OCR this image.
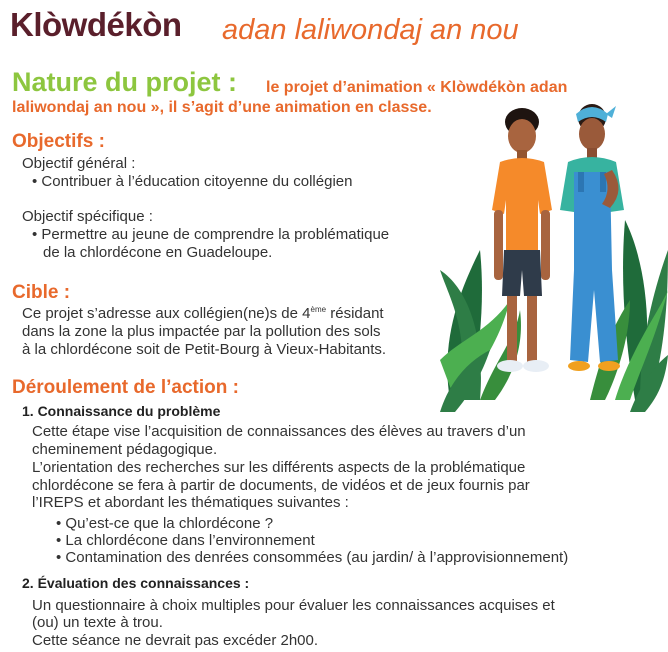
Klòwdékòn adan laliwondaj an nou
Nature du projet : le projet d’animation « Klòwdékòn adan
laliwondaj an nou », il s’agit d’une animation en classe.
Objectifs :
Objectif général :
• Contribuer à l’éducation citoyenne du collégien
Objectif spécifique :
• Permettre au jeune de comprendre la problématique
de la chlordécone en Guadeloupe.
Cible :
Ce projet s’adresse aux collégien(ne)s de 4ème résidant
dans la zone la plus impactée par la pollution des sols
à la chlordécone soit de Petit-Bourg à Vieux-Habitants.
Déroulement de l’action :
1. Connaissance du problème
Cette étape vise l’acquisition de connaissances des élèves au travers d’un
cheminement pédagogique.
L’orientation des recherches sur les différents aspects de la problématique
chlordécone se fera à partir de documents, de vidéos et de jeux fournis par
l’IREPS et abordant les thématiques suivantes :
• Qu’est-ce que la chlordécone ?
• La chlordécone dans l’environnement
• Contamination des denrées consommées (au jardin/ à l’approvisionnement)
2. Évaluation des connaissances :
Un questionnaire à choix multiples pour évaluer les connaissances acquises et
(ou) un texte à trou.
Cette séance ne devrait pas excéder 2h00.
